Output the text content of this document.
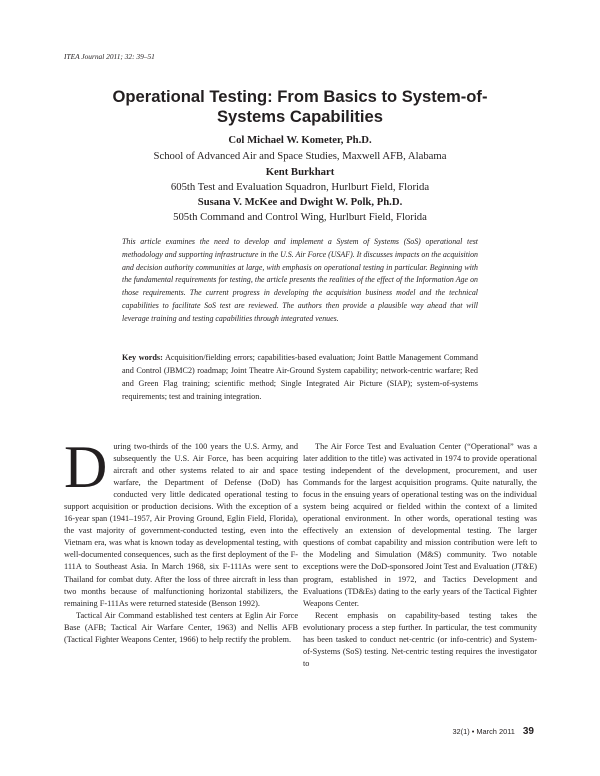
ITEA Journal 2011; 32: 39–51
Operational Testing: From Basics to System-of-
Systems Capabilities
Col Michael W. Kometer, Ph.D.
School of Advanced Air and Space Studies, Maxwell AFB, Alabama
Kent Burkhart
605th Test and Evaluation Squadron, Hurlburt Field, Florida
Susana V. McKee and Dwight W. Polk, Ph.D.
505th Command and Control Wing, Hurlburt Field, Florida

This article examines the need to develop and implement a System of Systems (SoS) operational test methodology and supporting infrastructure in the U.S. Air Force (USAF). It discusses impacts on the acquisition and decision authority communities at large, with emphasis on operational testing in particular. Beginning with the fundamental requirements for testing, the article presents the realities of the effect of the Information Age on those requirements. The current progress in developing the acquisition business model and the technical capabilities to facilitate SoS test are reviewed. The authors then provide a plausible way ahead that will leverage training and testing capabilities through integrated venues.

Key words: Acquisition/fielding errors; capabilities-based evaluation; Joint Battle Management Command and Control (JBMC2) roadmap; Joint Theatre Air-Ground System capability; network-centric warfare; Red and Green Flag training; scientific method; Single Integrated Air Picture (SIAP); system-of-systems requirements; test and training integration.

During two-thirds of the 100 years the U.S. Army, and subsequently the U.S. Air Force, has been acquiring aircraft and other systems related to air and space warfare, the Department of Defense (DoD) has conducted very little dedicated operational testing to support acquisition or production decisions. With the exception of a 16-year span (1941–1957, Air Proving Ground, Eglin Field, Florida), the vast majority of government-conducted testing, even into the Vietnam era, was what is known today as developmental testing, with well-documented consequences, such as the first deployment of the F-111A to Southeast Asia. In March 1968, six F-111As were sent to Thailand for combat duty. After the loss of three aircraft in less than two months because of malfunctioning horizontal stabilizers, the remaining F-111As were returned stateside (Benson 1992).

Tactical Air Command established test centers at Eglin Air Force Base (AFB; Tactical Air Warfare Center, 1963) and Nellis AFB (Tactical Fighter Weapons Center, 1966) to help rectify the problem.

The Air Force Test and Evaluation Center (“Operational” was a later addition to the title) was activated in 1974 to provide operational testing independent of the development, procurement, and user Commands for the largest acquisition programs. Quite naturally, the focus in the ensuing years of operational testing was on the individual system being acquired or fielded within the context of a limited operational environment. In other words, operational testing was effectively an extension of developmental testing. The larger questions of combat capability and mission contribution were left to the Modeling and Simulation (M&S) community. Two notable exceptions were the DoD-sponsored Joint Test and Evaluation (JT&E) program, established in 1972, and Tactics Development and Evaluations (TD&Es) dating to the early years of the Tactical Fighter Weapons Center.

Recent emphasis on capability-based testing takes the evolutionary process a step further. In particular, the test community has been tasked to conduct net-centric (or info-centric) and System-of-Systems (SoS) testing. Net-centric testing requires the investigator to

32(1) • March 2011 39
